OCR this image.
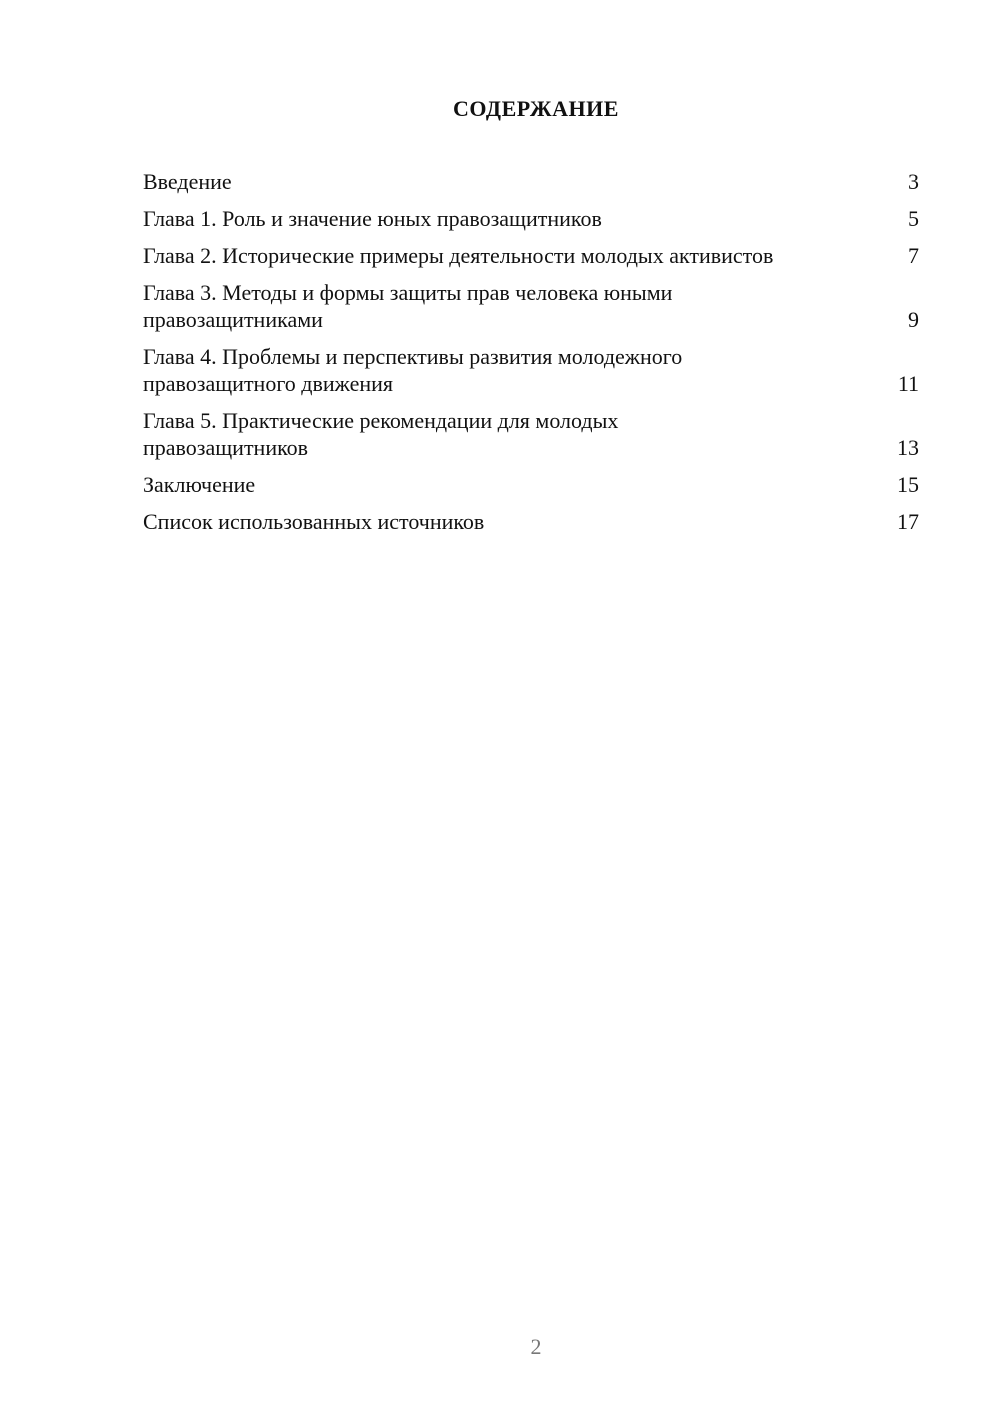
СОДЕРЖАНИЕ
Введение	3
Глава 1. Роль и значение юных правозащитников	5
Глава 2. Исторические примеры деятельности молодых активистов	7
Глава 3. Методы и формы защиты прав человека юными правозащитниками	9
Глава 4. Проблемы и перспективы развития молодежного правозащитного движения	11
Глава 5. Практические рекомендации для молодых правозащитников	13
Заключение	15
Список использованных источников	17
2
